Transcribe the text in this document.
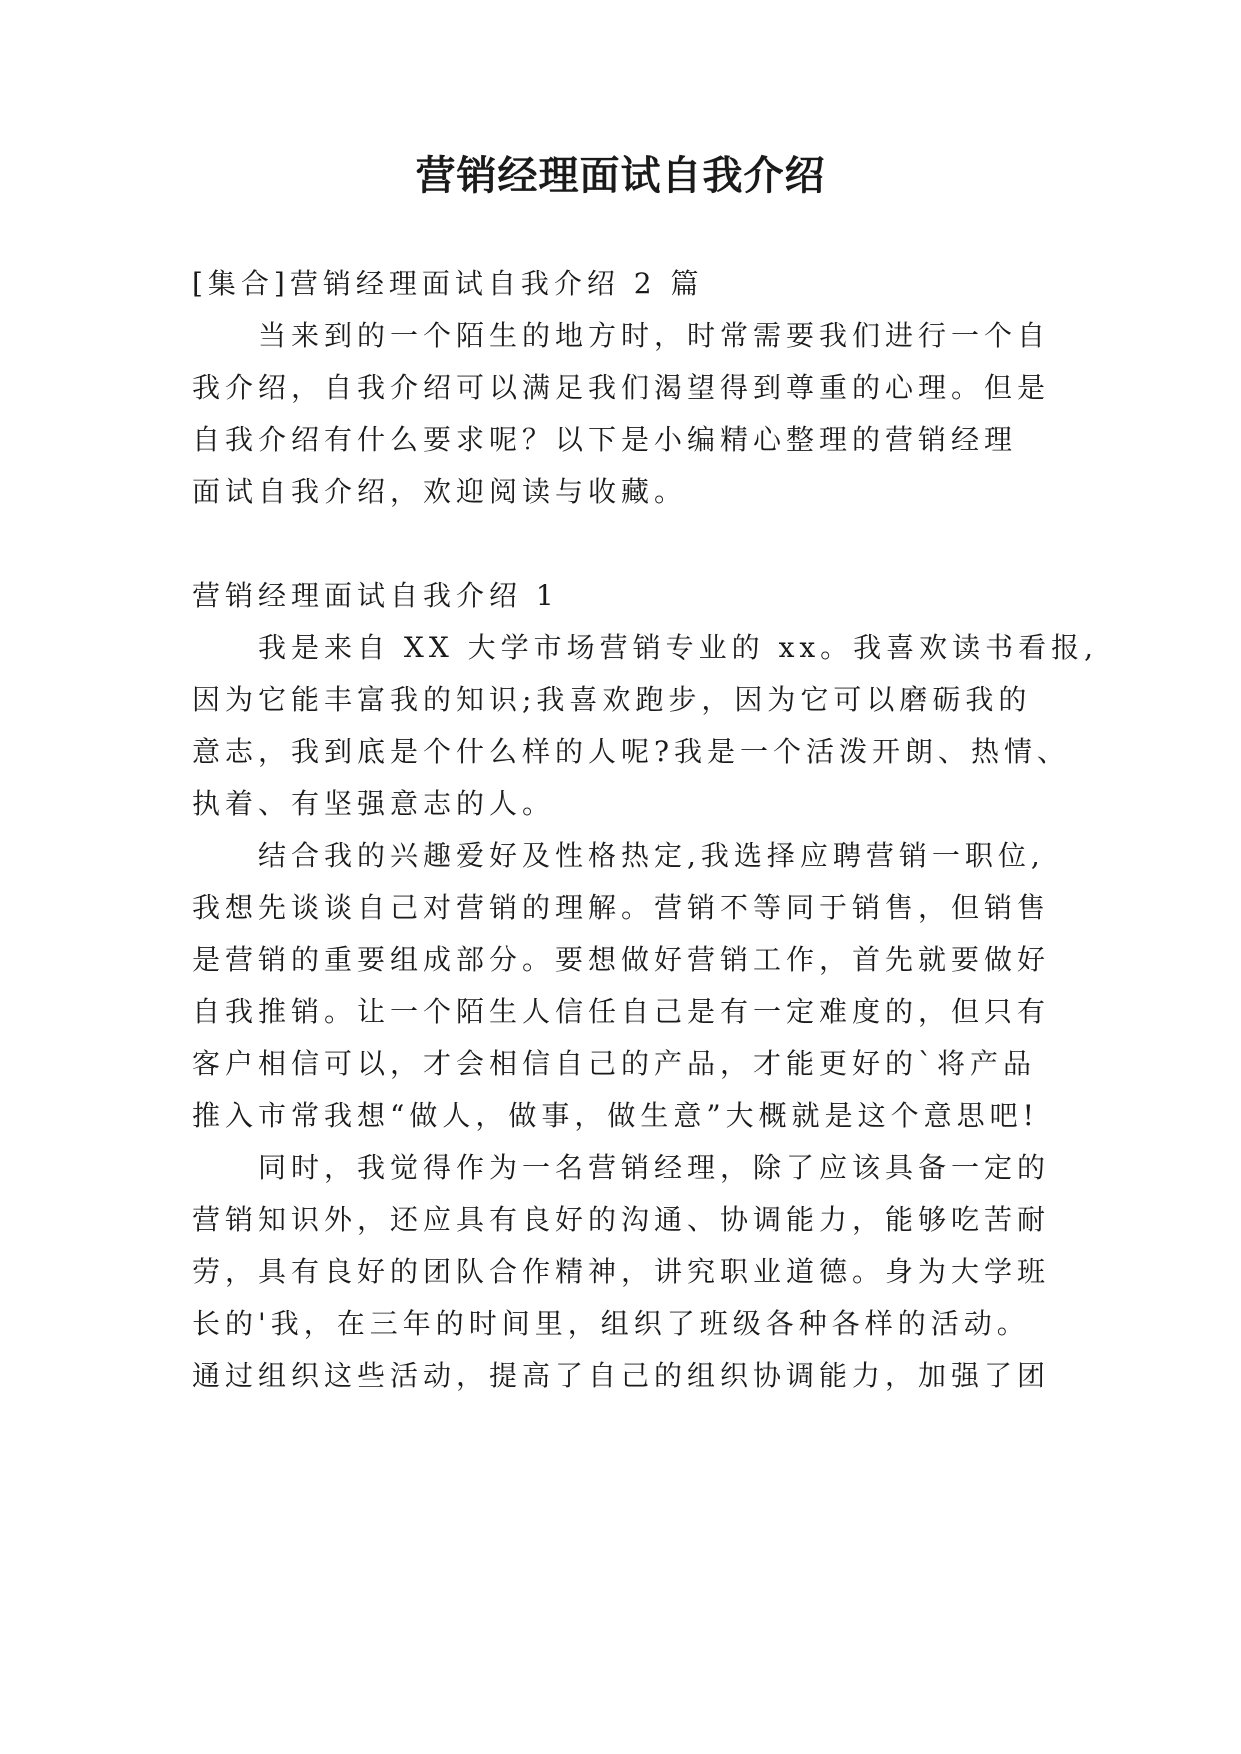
营销经理面试自我介绍
[集合]营销经理面试自我介绍 2 篇
当来到的一个陌生的地方时，时常需要我们进行一个自
我介绍，自我介绍可以满足我们渴望得到尊重的心理。但是
自我介绍有什么要求呢？以下是小编精心整理的营销经理
面试自我介绍，欢迎阅读与收藏。
营销经理面试自我介绍 1
我是来自 XX 大学市场营销专业的 xx。我喜欢读书看报,
因为它能丰富我的知识;我喜欢跑步，因为它可以磨砺我的
意志，我到底是个什么样的人呢?我是一个活泼开朗、热情、
执着、有坚强意志的人。
结合我的兴趣爱好及性格热定,我选择应聘营销一职位,
我想先谈谈自己对营销的理解。营销不等同于销售，但销售
是营销的重要组成部分。要想做好营销工作，首先就要做好
自我推销。让一个陌生人信任自己是有一定难度的，但只有
客户相信可以，才会相信自己的产品，才能更好的`将产品
推入市常我想“做人，做事，做生意”大概就是这个意思吧!
同时，我觉得作为一名营销经理，除了应该具备一定的
营销知识外，还应具有良好的沟通、协调能力，能够吃苦耐
劳，具有良好的团队合作精神，讲究职业道德。身为大学班
长的'我，在三年的时间里，组织了班级各种各样的活动。
通过组织这些活动，提高了自己的组织协调能力，加强了团
